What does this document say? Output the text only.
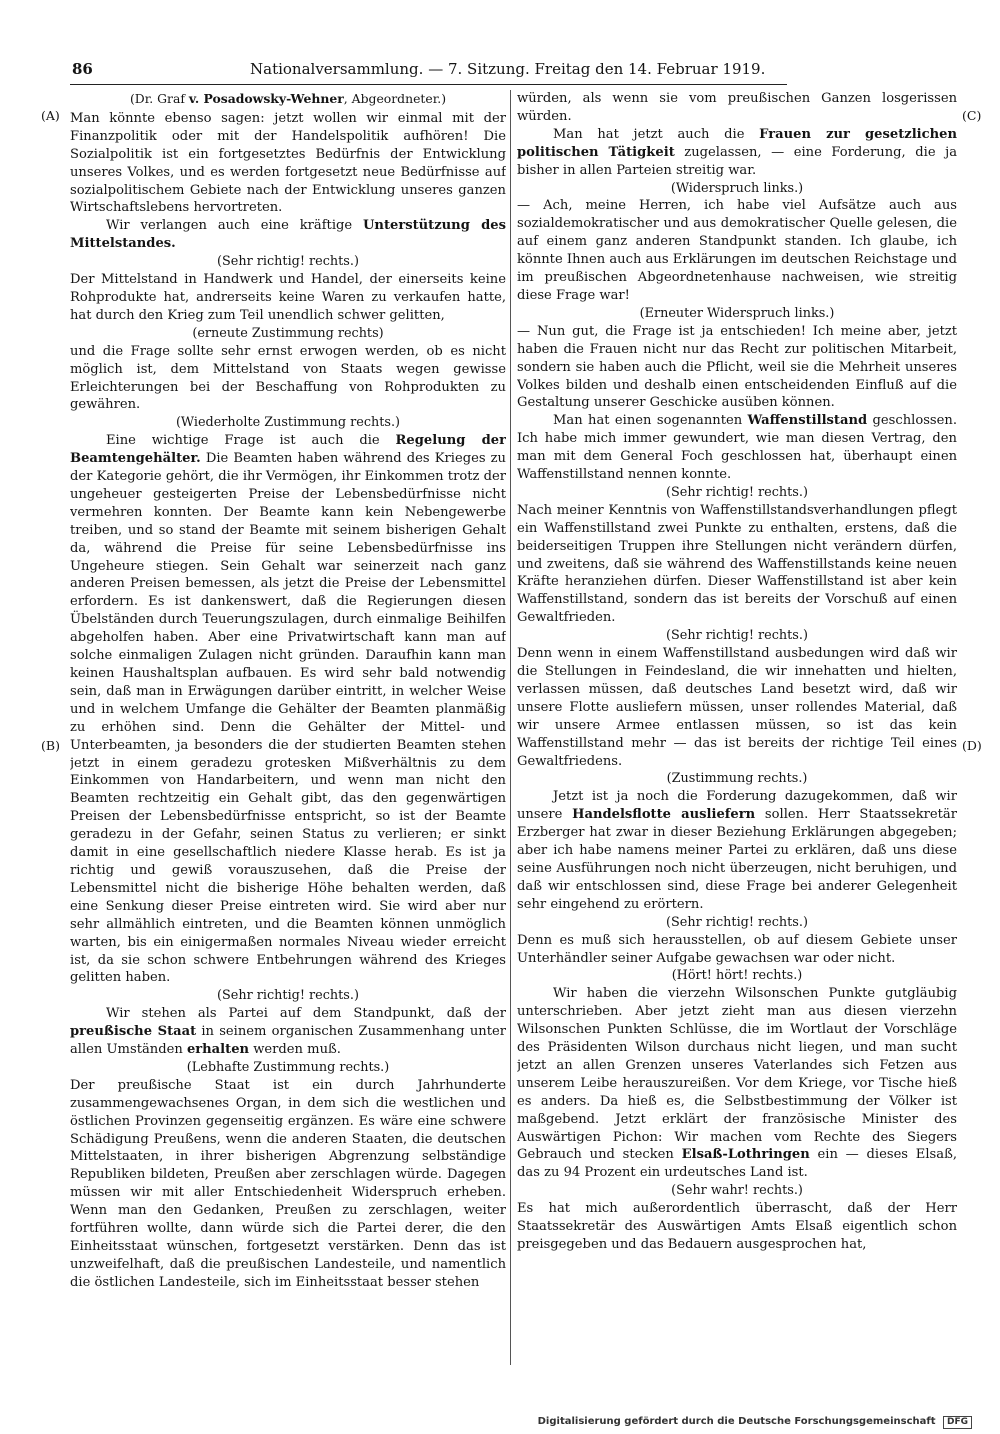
86	Nationalversammlung. — 7. Sitzung. Freitag den 14. Februar 1919.
(A)
(B)
(C)
(D)
(Dr. Graf v. Posadowsky-Wehner, Abgeordneter.)

Man könnte ebenso sagen: jetzt wollen wir einmal mit der Finanzpolitik oder mit der Handelspolitik aufhören! Die Sozialpolitik ist ein fortgesetztes Bedürfnis der Entwicklung unseres Volkes, und es werden fortgesetzt neue Bedürfnisse auf sozialpolitischem Gebiete nach der Entwicklung unseres ganzen Wirtschaftslebens hervortreten.

Wir verlangen auch eine kräftige Unterstützung des Mittelstandes.

(Sehr richtig! rechts.)

Der Mittelstand in Handwerk und Handel, der einerseits keine Rohprodukte hat, andrerseits keine Waren zu verkaufen hatte, hat durch den Krieg zum Teil unendlich schwer gelitten,

(erneute Zustimmung rechts)

und die Frage sollte sehr ernst erwogen werden, ob es nicht möglich ist, dem Mittelstand von Staats wegen gewisse Erleichterungen bei der Beschaffung von Rohprodukten zu gewähren.

(Wiederholte Zustimmung rechts.)

Eine wichtige Frage ist auch die Regelung der Beamtengehälter. Die Beamten haben während des Krieges zu der Kategorie gehört, die ihr Vermögen, ihr Einkommen trotz der ungeheuer gesteigerten Preise der Lebensbedürfnisse nicht vermehren konnten. Der Beamte kann kein Nebengewerbe treiben, und so stand der Beamte mit seinem bisherigen Gehalt da, während die Preise für seine Lebensbedürfnisse ins Ungeheure stiegen. Sein Gehalt war seinerzeit nach ganz anderen Preisen bemessen, als jetzt die Preise der Lebensmittel erfordern. Es ist dankenswert, daß die Regierungen diesen Übelständen durch Teuerungszulagen, durch einmalige Beihilfen abgeholfen haben. Aber eine Privatwirtschaft kann man auf solche einmaligen Zulagen nicht gründen. Daraufhin kann man keinen Haushaltsplan aufbauen. Es wird sehr bald notwendig sein, daß man in Erwägungen darüber eintritt, in welcher Weise und in welchem Umfange die Gehälter der Beamten planmäßig zu erhöhen sind. Denn die Gehälter der Mittel- und Unterbeamten, ja besonders die der studierten Beamten stehen jetzt in einem geradezu grotesken Mißverhältnis zu dem Einkommen von Handarbeitern, und wenn man nicht den Beamten rechtzeitig ein Gehalt gibt, das den gegenwärtigen Preisen der Lebensbedürfnisse entspricht, so ist der Beamte geradezu in der Gefahr, seinen Status zu verlieren; er sinkt damit in eine gesellschaftlich niedere Klasse herab. Es ist ja richtig und gewiß vorauszusehen, daß die Preise der Lebensmittel nicht die bisherige Höhe behalten werden, daß eine Senkung dieser Preise eintreten wird. Sie wird aber nur sehr allmählich eintreten, und die Beamten können unmöglich warten, bis ein einigermaßen normales Niveau wieder erreicht ist, da sie schon schwere Entbehrungen während des Krieges gelitten haben.

(Sehr richtig! rechts.)

Wir stehen als Partei auf dem Standpunkt, daß der preußische Staat in seinem organischen Zusammenhang unter allen Umständen erhalten werden muß.

(Lebhafte Zustimmung rechts.)

Der preußische Staat ist ein durch Jahrhunderte zusammengewachsenes Organ, in dem sich die westlichen und östlichen Provinzen gegenseitig ergänzen. Es wäre eine schwere Schädigung Preußens, wenn die anderen Staaten, die deutschen Mittelstaaten, in ihrer bisherigen Abgrenzung selbständige Republiken bildeten, Preußen aber zerschlagen würde. Dagegen müssen wir mit aller Entschiedenheit Widerspruch erheben. Wenn man den Gedanken, Preußen zu zerschlagen, weiter fortführen wollte, dann würde sich die Partei derer, die den Einheitsstaat wünschen, fortgesetzt verstärken. Denn das ist unzweifelhaft, daß die preußischen Landesteile, und namentlich die östlichen Landesteile, sich im Einheitsstaat besser stehen

würden, als wenn sie vom preußischen Ganzen losgerissen würden.

Man hat jetzt auch die Frauen zur gesetzlichen politischen Tätigkeit zugelassen, — eine Forderung, die ja bisher in allen Parteien streitig war.

(Widerspruch links.)

— Ach, meine Herren, ich habe viel Aufsätze auch aus sozialdemokratischer und aus demokratischer Quelle gelesen, die auf einem ganz anderen Standpunkt standen. Ich glaube, ich könnte Ihnen auch aus Erklärungen im deutschen Reichstage und im preußischen Abgeordnetenhause nachweisen, wie streitig diese Frage war!

(Erneuter Widerspruch links.)

— Nun gut, die Frage ist ja entschieden! Ich meine aber, jetzt haben die Frauen nicht nur das Recht zur politischen Mitarbeit, sondern sie haben auch die Pflicht, weil sie die Mehrheit unseres Volkes bilden und deshalb einen entscheidenden Einfluß auf die Gestaltung unserer Geschicke ausüben können.

Man hat einen sogenannten Waffenstillstand geschlossen. Ich habe mich immer gewundert, wie man diesen Vertrag, den man mit dem General Foch geschlossen hat, überhaupt einen Waffenstillstand nennen konnte.

(Sehr richtig! rechts.)

Nach meiner Kenntnis von Waffenstillstandsverhandlungen pflegt ein Waffenstillstand zwei Punkte zu enthalten, erstens, daß die beiderseitigen Truppen ihre Stellungen nicht verändern dürfen, und zweitens, daß sie während des Waffenstillstands keine neuen Kräfte heranziehen dürfen. Dieser Waffenstillstand ist aber kein Waffenstillstand, sondern das ist bereits der Vorschuß auf einen Gewaltfrieden.

(Sehr richtig! rechts.)

Denn wenn in einem Waffenstillstand ausbedungen wird daß wir die Stellungen in Feindesland, die wir innehatten und hielten, verlassen müssen, daß deutsches Land besetzt wird, daß wir unsere Flotte ausliefern müssen, unser rollendes Material, daß wir unsere Armee entlassen müssen, so ist das kein Waffenstillstand mehr — das ist bereits der richtige Teil eines Gewaltfriedens.

(Zustimmung rechts.)

Jetzt ist ja noch die Forderung dazugekommen, daß wir unsere Handelsflotte ausliefern sollen. Herr Staatssekretär Erzberger hat zwar in dieser Beziehung Erklärungen abgegeben; aber ich habe namens meiner Partei zu erklären, daß uns diese seine Ausführungen noch nicht überzeugen, nicht beruhigen, und daß wir entschlossen sind, diese Frage bei anderer Gelegenheit sehr eingehend zu erörtern.

(Sehr richtig! rechts.)

Denn es muß sich herausstellen, ob auf diesem Gebiete unser Unterhändler seiner Aufgabe gewachsen war oder nicht.

(Hört! hört! rechts.)

Wir haben die vierzehn Wilsonschen Punkte gutgläubig unterschrieben. Aber jetzt zieht man aus diesen vierzehn Wilsonschen Punkten Schlüsse, die im Wortlaut der Vorschläge des Präsidenten Wilson durchaus nicht liegen, und man sucht jetzt an allen Grenzen unseres Vaterlandes sich Fetzen aus unserem Leibe herauszureißen. Vor dem Kriege, vor Tische hieß es anders. Da hieß es, die Selbstbestimmung der Völker ist maßgebend. Jetzt erklärt der französische Minister des Auswärtigen Pichon: Wir machen vom Rechte des Siegers Gebrauch und stecken Elsaß-Lothringen ein — dieses Elsaß, das zu 94 Prozent ein urdeutsches Land ist.

(Sehr wahr! rechts.)

Es hat mich außerordentlich überrascht, daß der Herr Staatssekretär des Auswärtigen Amts Elsaß eigentlich schon preisgegeben und das Bedauern ausgesprochen hat,

Digitalisierung gefördert durch die Deutsche Forschungsgemeinschaft DFG
